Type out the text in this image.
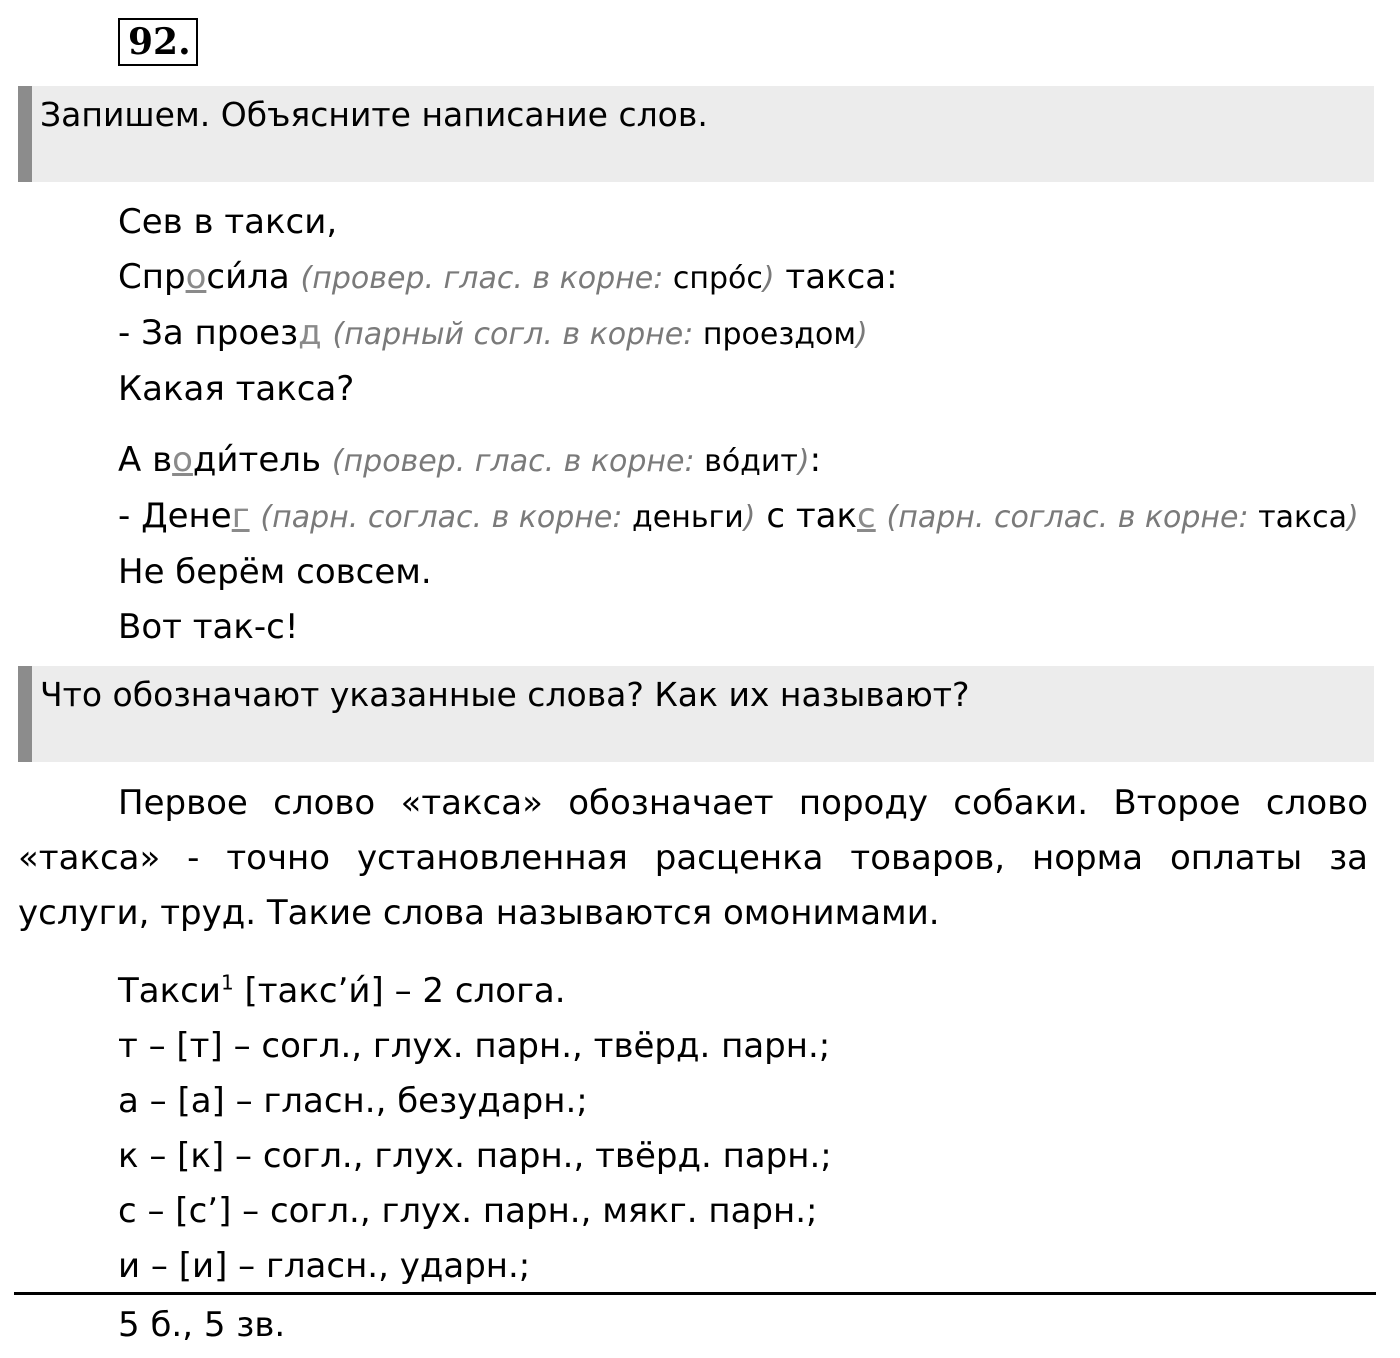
92.
Запишем. Объясните написание слов.
Сев в такси,
Спроси́ла (провер. глас. в корне: спро́с) такса:
- За проезд (парный согл. в корне: проездом)
Какая такса?
А води́тель (провер. глас. в корне: во́дит):
- Денег (парн. соглас. в корне: деньги) с такс (парн. соглас. в корне: такса)
Не берём совсем.
Вот так-с!
Что обозначают указанные слова? Как их называют?

Первое слово «такса» обозначает породу собаки. Второе слово «такса» - точно установленная расценка товаров, норма оплаты за услуги, труд. Такие слова называются омонимами.

Такси$^1$ [такс’и́] – 2 слога.
т – [т] – согл., глух. парн., твёрд. парн.;
а – [а] – гласн., безударн.;
к – [к] – согл., глух. парн., твёрд. парн.;
с – [с’] – согл., глух. парн., мякг. парн.;
и – [и] – гласн., ударн.;
5 б., 5 зв.
